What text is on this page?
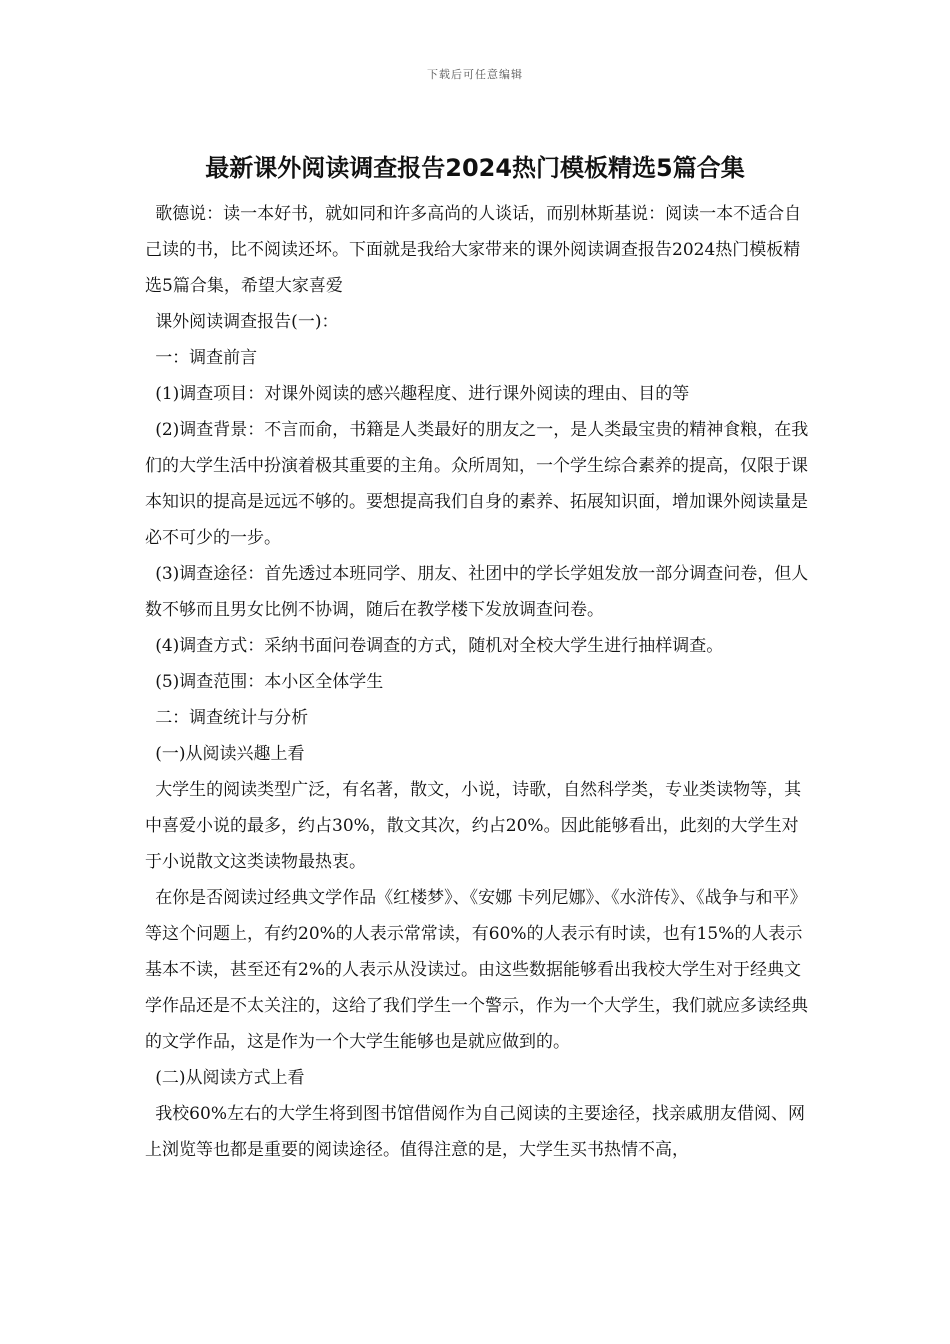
下载后可任意编辑
最新课外阅读调查报告2024热门模板精选5篇合集

歌德说：读一本好书，就如同和许多高尚的人谈话，而别林斯基说：阅读一本不适合自己读的书，比不阅读还坏。下面就是我给大家带来的课外阅读调查报告2024热门模板精选5篇合集，希望大家喜爱

课外阅读调查报告(一)：

一：调查前言

(1)调查项目：对课外阅读的感兴趣程度、进行课外阅读的理由、目的等

(2)调查背景：不言而俞，书籍是人类最好的朋友之一，是人类最宝贵的精神食粮，在我们的大学生活中扮演着极其重要的主角。众所周知，一个学生综合素养的提高，仅限于课本知识的提高是远远不够的。要想提高我们自身的素养、拓展知识面，增加课外阅读量是必不可少的一步。

(3)调查途径：首先透过本班同学、朋友、社团中的学长学姐发放一部分调查问卷，但人数不够而且男女比例不协调，随后在教学楼下发放调查问卷。

(4)调查方式：采纳书面问卷调查的方式，随机对全校大学生进行抽样调查。

(5)调查范围：本小区全体学生

二：调查统计与分析

(一)从阅读兴趣上看

大学生的阅读类型广泛，有名著，散文，小说，诗歌，自然科学类，专业类读物等，其中喜爱小说的最多，约占30%，散文其次，约占20%。因此能够看出，此刻的大学生对于小说散文这类读物最热衷。

在你是否阅读过经典文学作品《红楼梦》、《安娜 卡列尼娜》、《水浒传》、《战争与和平》等这个问题上，有约20%的人表示常常读，有60%的人表示有时读，也有15%的人表示基本不读，甚至还有2%的人表示从没读过。由这些数据能够看出我校大学生对于经典文学作品还是不太关注的，这给了我们学生一个警示，作为一个大学生，我们就应多读经典的文学作品，这是作为一个大学生能够也是就应做到的。

(二)从阅读方式上看

我校60%左右的大学生将到图书馆借阅作为自己阅读的主要途径，找亲戚朋友借阅、网上浏览等也都是重要的阅读途径。值得注意的是，大学生买书热情不高，
